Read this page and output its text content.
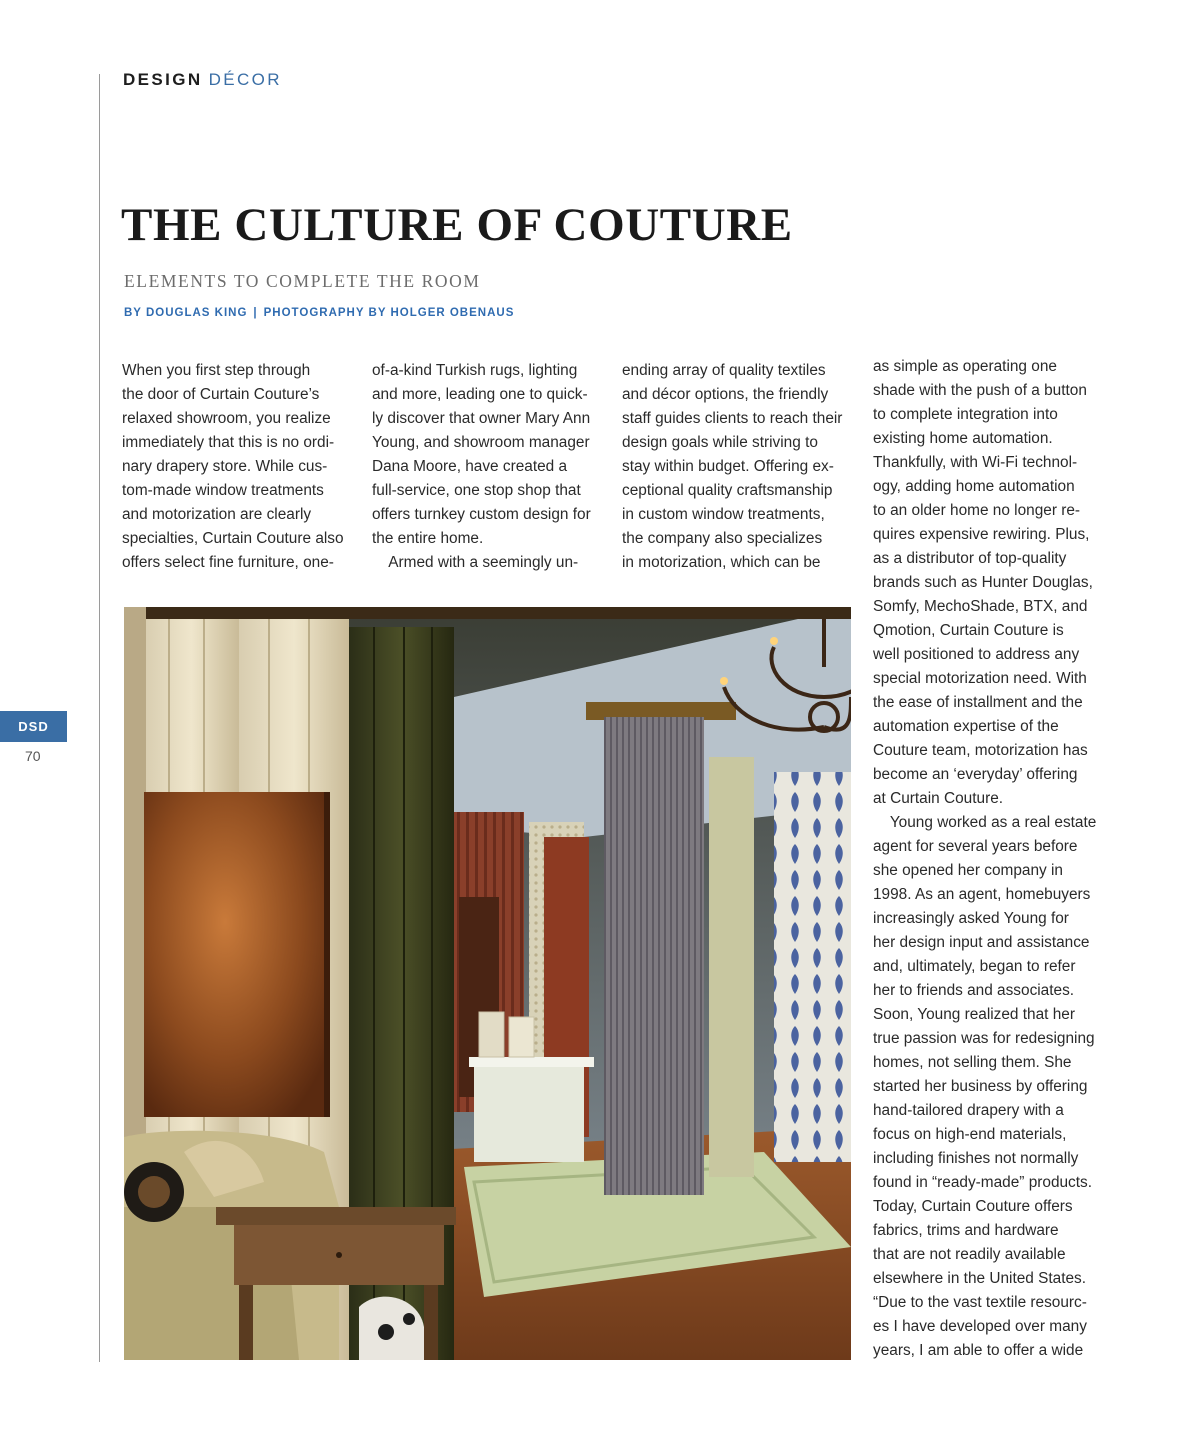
DESIGN DÉCOR
THE CULTURE OF COUTURE
ELEMENTS TO COMPLETE THE ROOM
BY DOUGLAS KING | PHOTOGRAPHY BY HOLGER OBENAUS
When you first step through
the door of Curtain Couture’s
relaxed showroom, you realize
immediately that this is no ordi-
nary drapery store. While cus-
tom-made window treatments
and motorization are clearly
specialties, Curtain Couture also
offers select fine furniture, one-
of-a-kind Turkish rugs, lighting
and more, leading one to quick-
ly discover that owner Mary Ann
Young, and showroom manager
Dana Moore, have created a
full-service, one stop shop that
offers turnkey custom design for
the entire home.
Armed with a seemingly un-
ending array of quality textiles
and décor options, the friendly
staff guides clients to reach their
design goals while striving to
stay within budget. Offering ex-
ceptional quality craftsmanship
in custom window treatments,
the company also specializes
in motorization, which can be
as simple as operating one
shade with the push of a button
to complete integration into
existing home automation.
Thankfully, with Wi-Fi technol-
ogy, adding home automation
to an older home no longer re-
quires expensive rewiring. Plus,
as a distributor of top-quality
brands such as Hunter Douglas,
Somfy, MechoShade, BTX, and
Qmotion, Curtain Couture is
well positioned to address any
special motorization need. With
the ease of installment and the
automation expertise of the
Couture team, motorization has
become an ‘everyday’ offering
at Curtain Couture.
Young worked as a real estate
agent for several years before
she opened her company in
1998. As an agent, homebuyers
increasingly asked Young for
her design input and assistance
and, ultimately, began to refer
her to friends and associates.
Soon, Young realized that her
true passion was for redesigning
homes, not selling them. She
started her business by offering
hand-tailored drapery with a
focus on high-end materials,
including finishes not normally
found in “ready-made” products.
Today, Curtain Couture offers
fabrics, trims and hardware
that are not readily available
elsewhere in the United States.
“Due to the vast textile resourc-
es I have developed over many
years, I am able to offer a wide
DSD
70
